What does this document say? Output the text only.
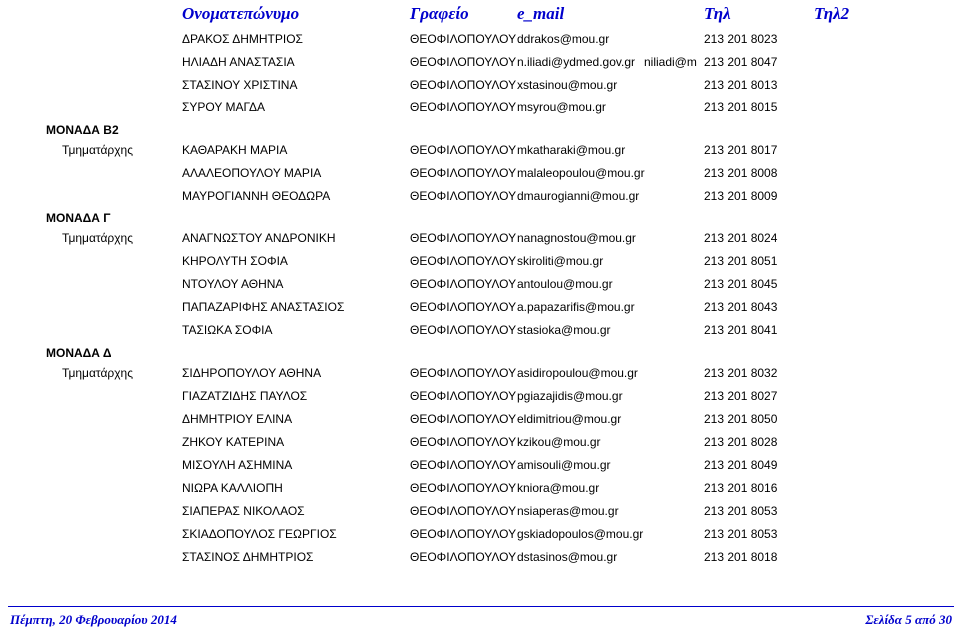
Ονοματεπώνυμο	Γραφείο	e_mail	Τηλ	Τηλ2
ΔΡΑΚΟΣ ΔΗΜΗΤΡΙΟΣ	ΘΕΟΦΙΛΟΠΟΥΛΟΥ ddrakos@mou.gr	213 201 8023
ΗΛΙΑΔΗ ΑΝΑΣΤΑΣΙΑ	ΘΕΟΦΙΛΟΠΟΥΛΟΥ n.iliadi@ydmed.gov.gr niliadi@m 213 201 8047
ΣΤΑΣΙΝΟΥ ΧΡΙΣΤΙΝΑ	ΘΕΟΦΙΛΟΠΟΥΛΟΥ xstasinou@mou.gr	213 201 8013
ΣΥΡΟΥ ΜΑΓΔΑ	ΘΕΟΦΙΛΟΠΟΥΛΟΥ msyrou@mou.gr	213 201 8015
ΜΟΝΑΔΑ Β2
Τμηματάρχης	ΚΑΘΑΡΑΚΗ ΜΑΡΙΑ	ΘΕΟΦΙΛΟΠΟΥΛΟΥ mkatharaki@mou.gr	213 201 8017
ΑΛΑΛΕΟΠΟΥΛΟΥ ΜΑΡΙΑ	ΘΕΟΦΙΛΟΠΟΥΛΟΥ malaleopoulou@mou.gr	213 201 8008
ΜΑΥΡΟΓΙΑΝΝΗ ΘΕΟΔΩΡΑ	ΘΕΟΦΙΛΟΠΟΥΛΟΥ dmaurogianni@mou.gr	213 201 8009
ΜΟΝΑΔΑ Γ
Τμηματάρχης	ΑΝΑΓΝΩΣΤΟΥ ΑΝΔΡΟΝΙΚΗ	ΘΕΟΦΙΛΟΠΟΥΛΟΥ nanagnostou@mou.gr	213 201 8024
ΚΗΡΟΛΥΤΗ ΣΟΦΙΑ	ΘΕΟΦΙΛΟΠΟΥΛΟΥ skiroliti@mou.gr	213 201 8051
ΝΤΟΥΛΟΥ ΑΘΗΝΑ	ΘΕΟΦΙΛΟΠΟΥΛΟΥ antoulou@mou.gr	213 201 8045
ΠΑΠΑΖΑΡΙΦΗΣ ΑΝΑΣΤΑΣΙΟΣ	ΘΕΟΦΙΛΟΠΟΥΛΟΥ a.papazarifis@mou.gr	213 201 8043
ΤΑΣΙΩΚΑ ΣΟΦΙΑ	ΘΕΟΦΙΛΟΠΟΥΛΟΥ stasioka@mou.gr	213 201 8041
ΜΟΝΑΔΑ Δ
Τμηματάρχης	ΣΙΔΗΡΟΠΟΥΛΟΥ ΑΘΗΝΑ	ΘΕΟΦΙΛΟΠΟΥΛΟΥ asidiropoulou@mou.gr	213 201 8032
ΓΙΑΖΑΤΖΙΔΗΣ ΠΑΥΛΟΣ	ΘΕΟΦΙΛΟΠΟΥΛΟΥ pgiazajidis@mou.gr	213 201 8027
ΔΗΜΗΤΡΙΟΥ ΕΛΙΝΑ	ΘΕΟΦΙΛΟΠΟΥΛΟΥ eldimitriou@mou.gr	213 201 8050
ΖΗΚΟΥ ΚΑΤΕΡΙΝΑ	ΘΕΟΦΙΛΟΠΟΥΛΟΥ kzikou@mou.gr	213 201 8028
ΜΙΣΟΥΛΗ ΑΣΗΜΙΝΑ	ΘΕΟΦΙΛΟΠΟΥΛΟΥ amisouli@mou.gr	213 201 8049
ΝΙΩΡΑ ΚΑΛΛΙΟΠΗ	ΘΕΟΦΙΛΟΠΟΥΛΟΥ kniora@mou.gr	213 201 8016
ΣΙΑΠΕΡΑΣ ΝΙΚΟΛΑΟΣ	ΘΕΟΦΙΛΟΠΟΥΛΟΥ nsiaperas@mou.gr	213 201 8053
ΣΚΙΑΔΟΠΟΥΛΟΣ ΓΕΩΡΓΙΟΣ	ΘΕΟΦΙΛΟΠΟΥΛΟΥ gskiadopoulos@mou.gr	213 201 8053
ΣΤΑΣΙΝΟΣ ΔΗΜΗΤΡΙΟΣ	ΘΕΟΦΙΛΟΠΟΥΛΟΥ dstasinos@mou.gr	213 201 8018
Πέμπτη, 20 Φεβρουαρίου 2014	Σελίδα 5 από 30
